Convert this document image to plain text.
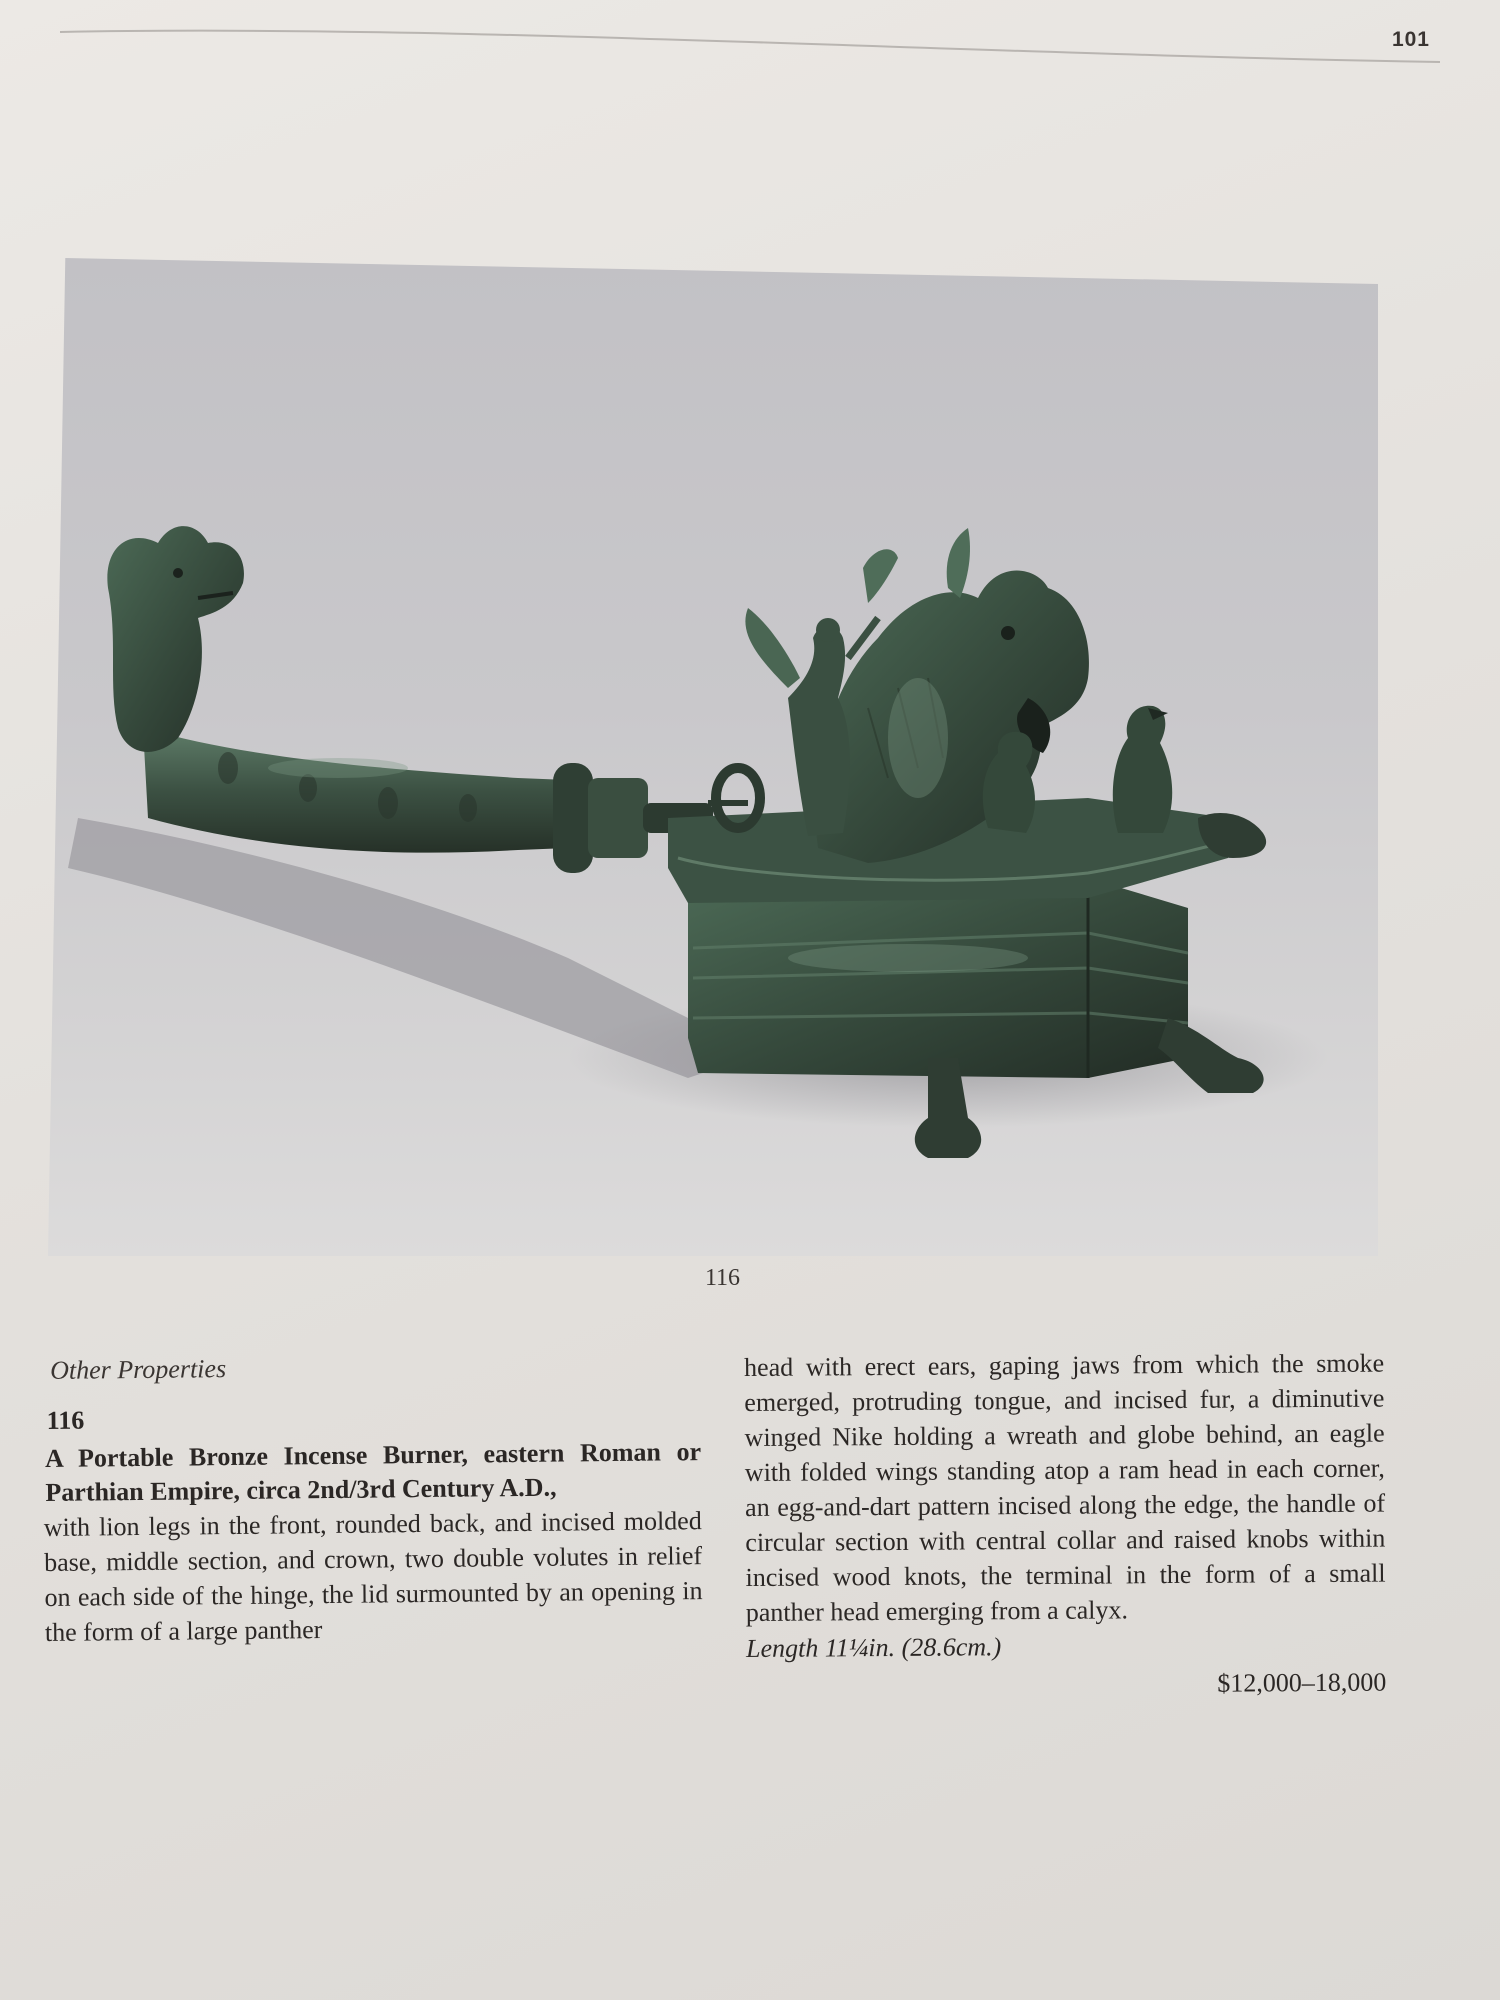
101
116
Other Properties
116
A Portable Bronze Incense Burner, eastern Roman or Parthian Empire, circa 2nd/3rd Century A.D.,

with lion legs in the front, rounded back, and incised molded base, middle section, and crown, two double volutes in relief on each side of the hinge, the lid surmounted by an opening in the form of a large panther

head with erect ears, gaping jaws from which the smoke emerged, protruding tongue, and incised fur, a diminutive winged Nike holding a wreath and globe behind, an eagle with folded wings standing atop a ram head in each corner, an egg-and-dart pattern incised along the edge, the handle of circular section with central collar and raised knobs within incised wood knots, the terminal in the form of a small panther head emerging from a calyx.

Length 11¼in. (28.6cm.)
$12,000–18,000
